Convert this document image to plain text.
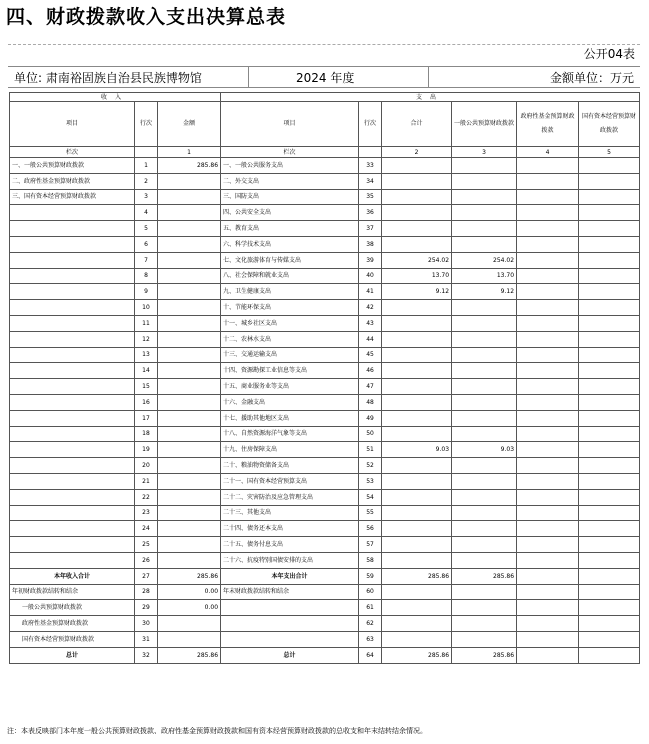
四、财政拨款收入支出决算总表
公开04表
单位: 肃南裕固族自治县民族博物馆	2024 年度	金额单位：万元
收入			支出					
项目	行次	金额	项目	行次	合计	一般公共预算财政拨款	政府性基金预算财政拨款	国有资本经营预算财政拨款
栏次		1	栏次		2	3	4	5
一、一般公共预算财政拨款	1	285.86	一、一般公共服务支出	33				
二、政府性基金预算财政拨款	2		二、外交支出	34				
三、国有资本经营预算财政拨款	3		三、国防支出	35				
	4		四、公共安全支出	36				
	5		五、教育支出	37				
	6		六、科学技术支出	38				
	7		七、文化旅游体育与传媒支出	39	254.02	254.02		
	8		八、社会保障和就业支出	40	13.70	13.70		
	9		九、卫生健康支出	41	9.12	9.12		
	10		十、节能环保支出	42				
	11		十一、城乡社区支出	43				
	12		十二、农林水支出	44				
	13		十三、交通运输支出	45				
	14		十四、资源勘探工业信息等支出	46				
	15		十五、商业服务业等支出	47				
	16		十六、金融支出	48				
	17		十七、援助其他地区支出	49				
	18		十八、自然资源海洋气象等支出	50				
	19		十九、住房保障支出	51	9.03	9.03		
	20		二十、粮油物资储备支出	52				
	21		二十一、国有资本经营预算支出	53				
	22		二十二、灾害防治及应急管理支出	54				
	23		二十三、其他支出	55				
	24		二十四、债务还本支出	56				
	25		二十五、债务付息支出	57				
	26		二十六、抗疫特别国债安排的支出	58				
本年收入合计	27	285.86	本年支出合计	59	285.86	285.86		
年初财政拨款结转和结余	28	0.00	年末财政拨款结转和结余	60				
一般公共预算财政拨款	29	0.00		61				
政府性基金预算财政拨款	30			62				
国有资本经营预算财政拨款	31			63				
总计	32	285.86	总计	64	285.86	285.86		
注：本表反映部门本年度一般公共预算财政拨款、政府性基金预算财政拨款和国有资本经营预算财政拨款的总收支和年末结转结余情况。
